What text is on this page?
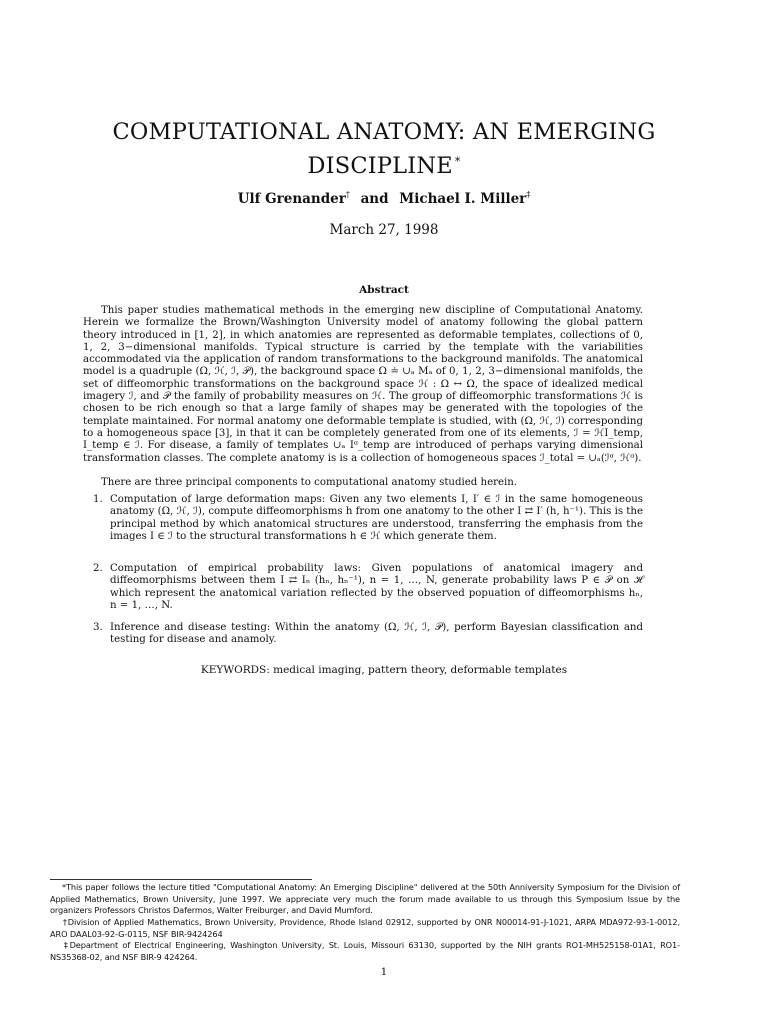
COMPUTATIONAL ANATOMY: AN EMERGING
DISCIPLINE *
Ulf Grenander† and Michael I. Miller‡
March 27, 1998
Abstract

This paper studies mathematical methods in the emerging new discipline of Computational Anatomy. Herein we formalize the Brown/Washington University model of anatomy following the global pattern theory introduced in [1, 2], in which anatomies are represented as deformable templates, collections of 0, 1, 2, 3−dimensional manifolds. Typical structure is carried by the template with the variabilities accommodated via the application of random transformations to the background manifolds. The anatomical model is a quadruple (Ω, ℋ, ℐ, 𝒫), the background space Ω ≐ ∪ₐ Mₐ of 0, 1, 2, 3−dimensional manifolds, the set of diffeomorphic transformations on the background space ℋ : Ω ↔ Ω, the space of idealized medical imagery ℐ, and 𝒫 the family of probability measures on ℋ. The group of diffeomorphic transformations ℋ is chosen to be rich enough so that a large family of shapes may be generated with the topologies of the template maintained. For normal anatomy one deformable template is studied, with (Ω, ℋ, ℐ) corresponding to a homogeneous space [3], in that it can be completely generated from one of its elements, ℐ = ℋI_temp, I_temp ∈ ℐ. For disease, a family of templates ∪ₐ Iᵅ_temp are introduced of perhaps varying dimensional transformation classes. The complete anatomy is is a collection of homogeneous spaces ℐ_total = ∪ₐ(ℐᵅ, ℋᵅ).

There are three principal components to computational anatomy studied herein.

1. Computation of large deformation maps: Given any two elements I, I′ ∈ ℐ in the same homogeneous anatomy (Ω, ℋ, ℐ), compute diffeomorphisms h from one anatomy to the other I ⇄ I′ (h, h⁻¹). This is the principal method by which anatomical structures are understood, transferring the emphasis from the images I ∈ ℐ to the structural transformations h ∈ ℋ which generate them.
2. Computation of empirical probability laws: Given populations of anatomical imagery and diffeomorphisms between them I ⇄ Iₙ (hₙ, hₙ⁻¹), n = 1, …, N, generate probability laws P ∈ 𝒫 on ℋ which represent the anatomical variation reflected by the observed popuation of diffeomorphisms hₙ, n = 1, …, N.
3. Inference and disease testing: Within the anatomy (Ω, ℋ, ℐ, 𝒫), perform Bayesian classification and testing for disease and anamoly.
KEYWORDS: medical imaging, pattern theory, deformable templates
*This paper follows the lecture titled "Computational Anatomy: An Emerging Discipline" delivered at the 50th Anniversity Symposium for the Division of Applied Mathematics, Brown University, June 1997. We appreciate very much the forum made available to us through this Symposium Issue by the organizers Professors Christos Dafermos, Walter Freiburger, and David Mumford.
†Division of Applied Mathematics, Brown University, Providence, Rhode Island 02912, supported by ONR N00014-91-J-1021, ARPA MDA972-93-1-0012, ARO DAAL03-92-G-0115, NSF BIR-9424264
‡Department of Electrical Engineering, Washington University, St. Louis, Missouri 63130, supported by the NIH grants RO1-MH525158-01A1, RO1-NS35368-02, and NSF BIR-9 424264.
1
